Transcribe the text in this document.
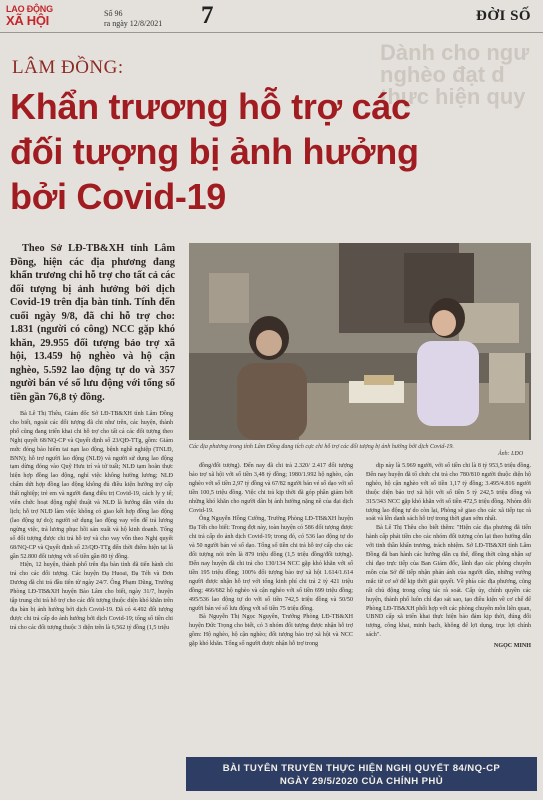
LAO ĐỘNG
XÃ HỘI	Số 96
ra ngày 12/8/2021 7	ĐỜI SỐ
Dành cho ngư
nghèo đạt d
thực hiện quy
LÂM ĐỒNG:
Khẩn trương hỗ trợ các
đối tượng bị ảnh hưởng
bởi Covid-19
Theo Sở LĐ-TB&XH tỉnh Lâm Đồng, hiện các địa phương đang khẩn trương chi hỗ trợ cho tất cả các đối tượng bị ảnh hưởng bởi dịch Covid-19 trên địa bàn tỉnh. Tính đến cuối ngày 9/8, đã chi hỗ trợ cho: 1.831 (người có công) NCC gặp khó khăn, 29.955 đối tượng bảo trợ xã hội, 13.459 hộ nghèo và hộ cận nghèo, 5.592 lao động tự do và 357 người bán vé số lưu động với tổng số tiền gần 76,8 tỷ đồng.
Các địa phương trong tỉnh Lâm Đồng đang tích cực chi hỗ trợ các đối tượng bị ảnh hưởng bởi dịch Covid-19.
Ảnh: LĐO

Bà Lê Thị Thêu, Giám đốc Sở LĐ-TB&XH tỉnh Lâm Đồng cho biết, ngoài các đối tượng đã chi như trên, các huyện, thành phố cũng đang triển khai chi hỗ trợ cho tất cả các đối tượng theo Nghị quyết 68/NQ-CP và Quyết định số 23/QĐ-TTg, gồm: Giảm mức đóng bảo hiểm tai nạn lao động, bệnh nghề nghiệp (TNLĐ, BNN); hỗ trợ người lao động (NLĐ) và người sử dụng lao động tạm dừng đóng vào Quỹ Hưu trí và tử tuất; NLĐ tạm hoãn thực hiện hợp đồng lao động, nghỉ việc không hưởng lương; NLĐ chấm dứt hợp đồng lao động không đủ điều kiện hưởng trợ cấp thất nghiệp; trẻ em và người đang điều trị Covid-19, cách ly y tế; viên chức hoạt động nghệ thuật và NLĐ là hướng dẫn viên du lịch; hỗ trợ NLĐ làm việc không có giao kết hợp đồng lao động (lao động tự do); người sử dụng lao động vay vốn để trả lương ngừng việc, trả lương phục hồi sản xuất và hộ kinh doanh. Tổng số đối tượng được chi trả hỗ trợ và cho vay vốn theo Nghị quyết 68/NQ-CP và Quyết định số 23/QĐ-TTg đến thời điểm hiện tại là gần 52.800 đối tượng với số tiền gần 80 tỷ đồng.

Hiện, 12 huyện, thành phố trên địa bàn tỉnh đã tiến hành chi trả cho các đối tượng. Các huyện Đạ Huoai, Đạ Tẻh và Đơn Dương đã chi trả đầu tiên từ ngày 24/7. Ông Phạm Dũng, Trưởng Phòng LĐ-TB&XH huyện Bảo Lâm cho biết, ngày 31/7, huyện tập trung chi trả hỗ trợ cho các đối tượng thuộc diện khó khăn trên địa bàn bị ảnh hưởng bởi dịch Covid-19. Đã có 4.492 đối tượng được chi trả cấp do ảnh hưởng bởi dịch Covid-19; tổng số tiền chi trả cho các đối tượng thuộc 3 diện trên là 6,562 tỷ đồng (1,5 triệu

đồng/đối tượng). Đến nay đã chi trả 2.320/ 2.417 đối tượng bảo trợ xã hội với số tiền 3,48 tỷ đồng; 1980/1.992 hộ nghèo, cận nghèo với số tiền 2,97 tỷ đồng và 67/82 người bán vé số dạo với số tiền 100,5 triệu đồng. Việc chi trả kịp thời đã góp phần giảm bớt những khó khăn cho người dân bị ảnh hưởng nặng nề của đại dịch Covid-19.

Ông Nguyễn Hồng Cường, Trưởng Phòng LĐ-TB&XH huyện Đạ Tẻh cho biết: Trong đợt này, toàn huyện có 586 đối tượng được chi trả cấp do ảnh dịch Covid-19; trong đó, có 536 lao động tự do và 50 người bán vé số dạo. Tổng số tiền chi trả hỗ trợ cấp cho các đối tượng nói trên là 879 triệu đồng (1,5 triệu đồng/đối tượng). Đến nay huyện đã chi trả cho 130/134 NCC gặp khó khăn với số tiền 195 triệu đồng; 100% đối tượng bảo trợ xã hội 1.614/1.614 người được nhận hỗ trợ với tổng kinh phí chi trả 2 tỷ 421 triệu đồng; 466/682 hộ nghèo và cận nghèo với số tiền 699 triệu đồng; 495/536 lao động tự do với số tiền 742,5 triệu đồng và 50/50 người bán vé số lưu động với số tiền 75 triệu đồng.

Bà Nguyễn Thị Ngọc Nguyên, Trưởng Phòng LĐ-TB&XH huyện Đức Trọng cho biết, có 3 nhóm đối tượng được nhận hỗ trợ gồm: Hộ nghèo, hộ cận nghèo; đối tượng bảo trợ xã hội và NCC gặp khó khăn. Tổng số người được nhận hỗ trợ trong

dịp này là 5.969 người, với số tiền chi là 8 tỷ 953,5 triệu đồng. Đến nay huyện đã tổ chức chi trả cho 780/810 người thuộc diện hộ nghèo, hộ cận nghèo với số tiền 1,17 tỷ đồng; 3.495/4.816 người thuộc diện bảo trợ xã hội với số tiền 5 tỷ 242,5 triệu đồng và 315/343 NCC gặp khó khăn với số tiền 472,5 triệu đồng. Nhóm đối tượng lao động tự do còn lại, Phòng sẽ giao cho các xã tiếp tục rà soát và lên danh sách hỗ trợ trong thời gian sớm nhất.

Bà Lê Thị Thêu cho biết thêm: "Hiện các địa phương đã tiến hành cấp phát tiền cho các nhóm đối tượng còn lại theo hướng dẫn với tinh thần khẩn trương, trách nhiệm. Sở LĐ-TB&XH tỉnh Lâm Đồng đã ban hành các hướng dẫn cụ thể, đồng thời cũng nhận sự chỉ đạo trực tiếp của Ban Giám đốc, lãnh đạo các phòng chuyên môn của Sở để tiếp nhận phản ánh của người dân, những vướng mắc từ cơ sở để kịp thời giải quyết. Về phía các địa phương, cũng rất chủ động trong công tác rà soát. Cấp ủy, chính quyền các huyện, thành phố luôn chỉ đạo sát sao, tạo điều kiện về cơ chế để Phòng LĐ-TB&XH phối hợp với các phòng chuyên môn liên quan, UBND cấp xã triển khai thực hiện bảo đảm kịp thời, đúng đối tượng, công khai, minh bạch, không để lợi dụng, trục lợi chính sách".

NGỌC MINH
BÀI TUYÊN TRUYỀN THỰC HIỆN NGHỊ QUYẾT 84/NQ-CP
NGÀY 29/5/2020 CỦA CHÍNH PHỦ
